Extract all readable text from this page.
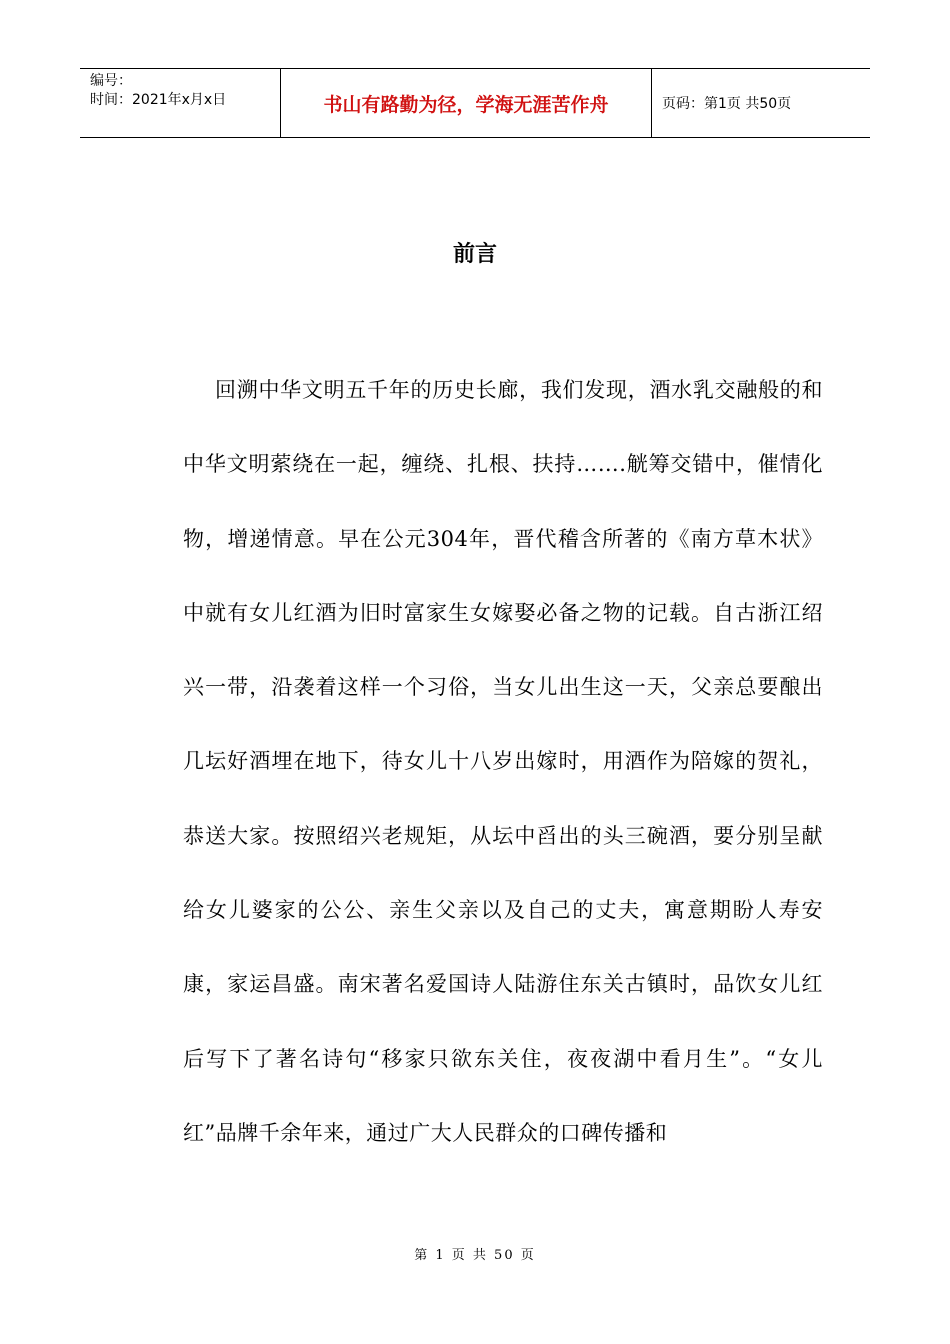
编号：
时间：2021年x月x日	书山有路勤为径，学海无涯苦作舟	页码：第1页 共50页
前言

回溯中华文明五千年的历史长廊，我们发现，酒水乳交融般的和中华文明萦绕在一起，缠绕、扎根、扶持…….觥筹交错中，催情化物，增递情意。早在公元304年，晋代稽含所著的《南方草木状》中就有女儿红酒为旧时富家生女嫁娶必备之物的记载。自古浙江绍兴一带，沿袭着这样一个习俗，当女儿出生这一天，父亲总要酿出几坛好酒埋在地下，待女儿十八岁出嫁时，用酒作为陪嫁的贺礼，恭送大家。按照绍兴老规矩，从坛中舀出的头三碗酒，要分别呈献给女儿婆家的公公、亲生父亲以及自己的丈夫，寓意期盼人寿安康，家运昌盛。南宋著名爱国诗人陆游住东关古镇时，品饮女儿红后写下了著名诗句“移家只欲东关住，夜夜湖中看月生”。“女儿红”品牌千余年来，通过广大人民群众的口碑传播和

第 1 页 共 50 页
